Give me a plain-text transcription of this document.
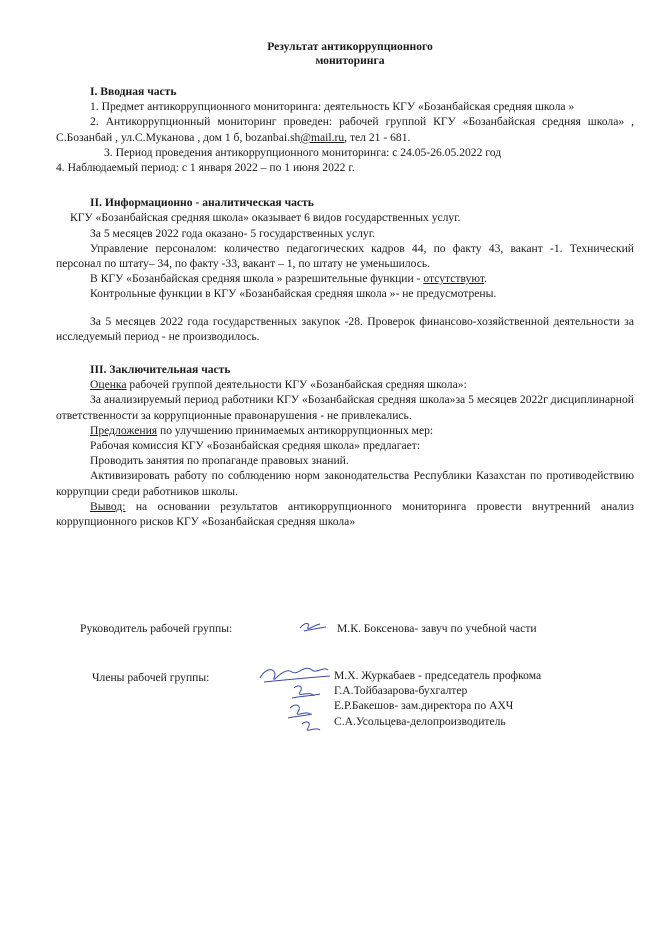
Результат антикоррупционного
мониторинга
I. Вводная часть
1. Предмет антикоррупционного мониторинга: деятельность КГУ «Бозанбайская средняя школа »
2. Антикоррупционный мониторинг проведен: рабочей группой КГУ «Бозанбайская средняя школа» , С.Бозанбай , ул.С.Муканова , дом 1 б, bozanbai.sh@mail.ru, тел 21 - 681.
3. Период проведения антикоррупционного мониторинга: с 24.05-26.05.2022 год
4. Наблюдаемый период: с 1 января 2022 – по 1 июня 2022 г.
II. Информационно - аналитическая часть
КГУ «Бозанбайская средняя школа» оказывает 6 видов государственных услуг.
За 5 месяцев 2022 года оказано- 5 государственных услуг.
Управление персоналом: количество педагогических кадров 44, по факту 43, вакант -1. Технический персонал по штату– 34, по факту -33, вакант – 1, по штату не уменьшилось.
В КГУ «Бозанбайская средняя школа » разрешительные функции - отсутствуют.
Контрольные функции в КГУ «Бозанбайская средняя школа »- не предусмотрены.
За 5 месяцев 2022 года государственных закупок -28. Проверок финансово-хозяйственной деятельности за исследуемый период - не производилось.
III. Заключительная часть
Оценка рабочей группой деятельности КГУ «Бозанбайская средняя школа»:
За анализируемый период работники КГУ «Бозанбайская средняя школа»за 5 месяцев 2022г дисциплинарной ответственности за коррупционные правонарушения - не привлекались.
Предложения по улучшению принимаемых антикоррупционных мер:
Рабочая комиссия КГУ «Бозанбайская средняя школа» предлагает:
Проводить занятия по пропаганде правовых знаний.
Активизировать работу по соблюдению норм законодательства Республики Казахстан по противодействию коррупции среди работников школы.
Вывод: на основании результатов антикоррупционного мониторинга провести внутренний анализ коррупционного рисков КГУ «Бозанбайская средняя школа»
Руководитель рабочей группы:	М.К. Боксенова- завуч по учебной части
Члены рабочей группы:	М.Х. Журкабаев - председатель профкома
Г.А.Тойбазарова-бухгалтер
Е.Р.Бакешов- зам.директора по АХЧ
С.А.Усольцева-делопроизводитель
